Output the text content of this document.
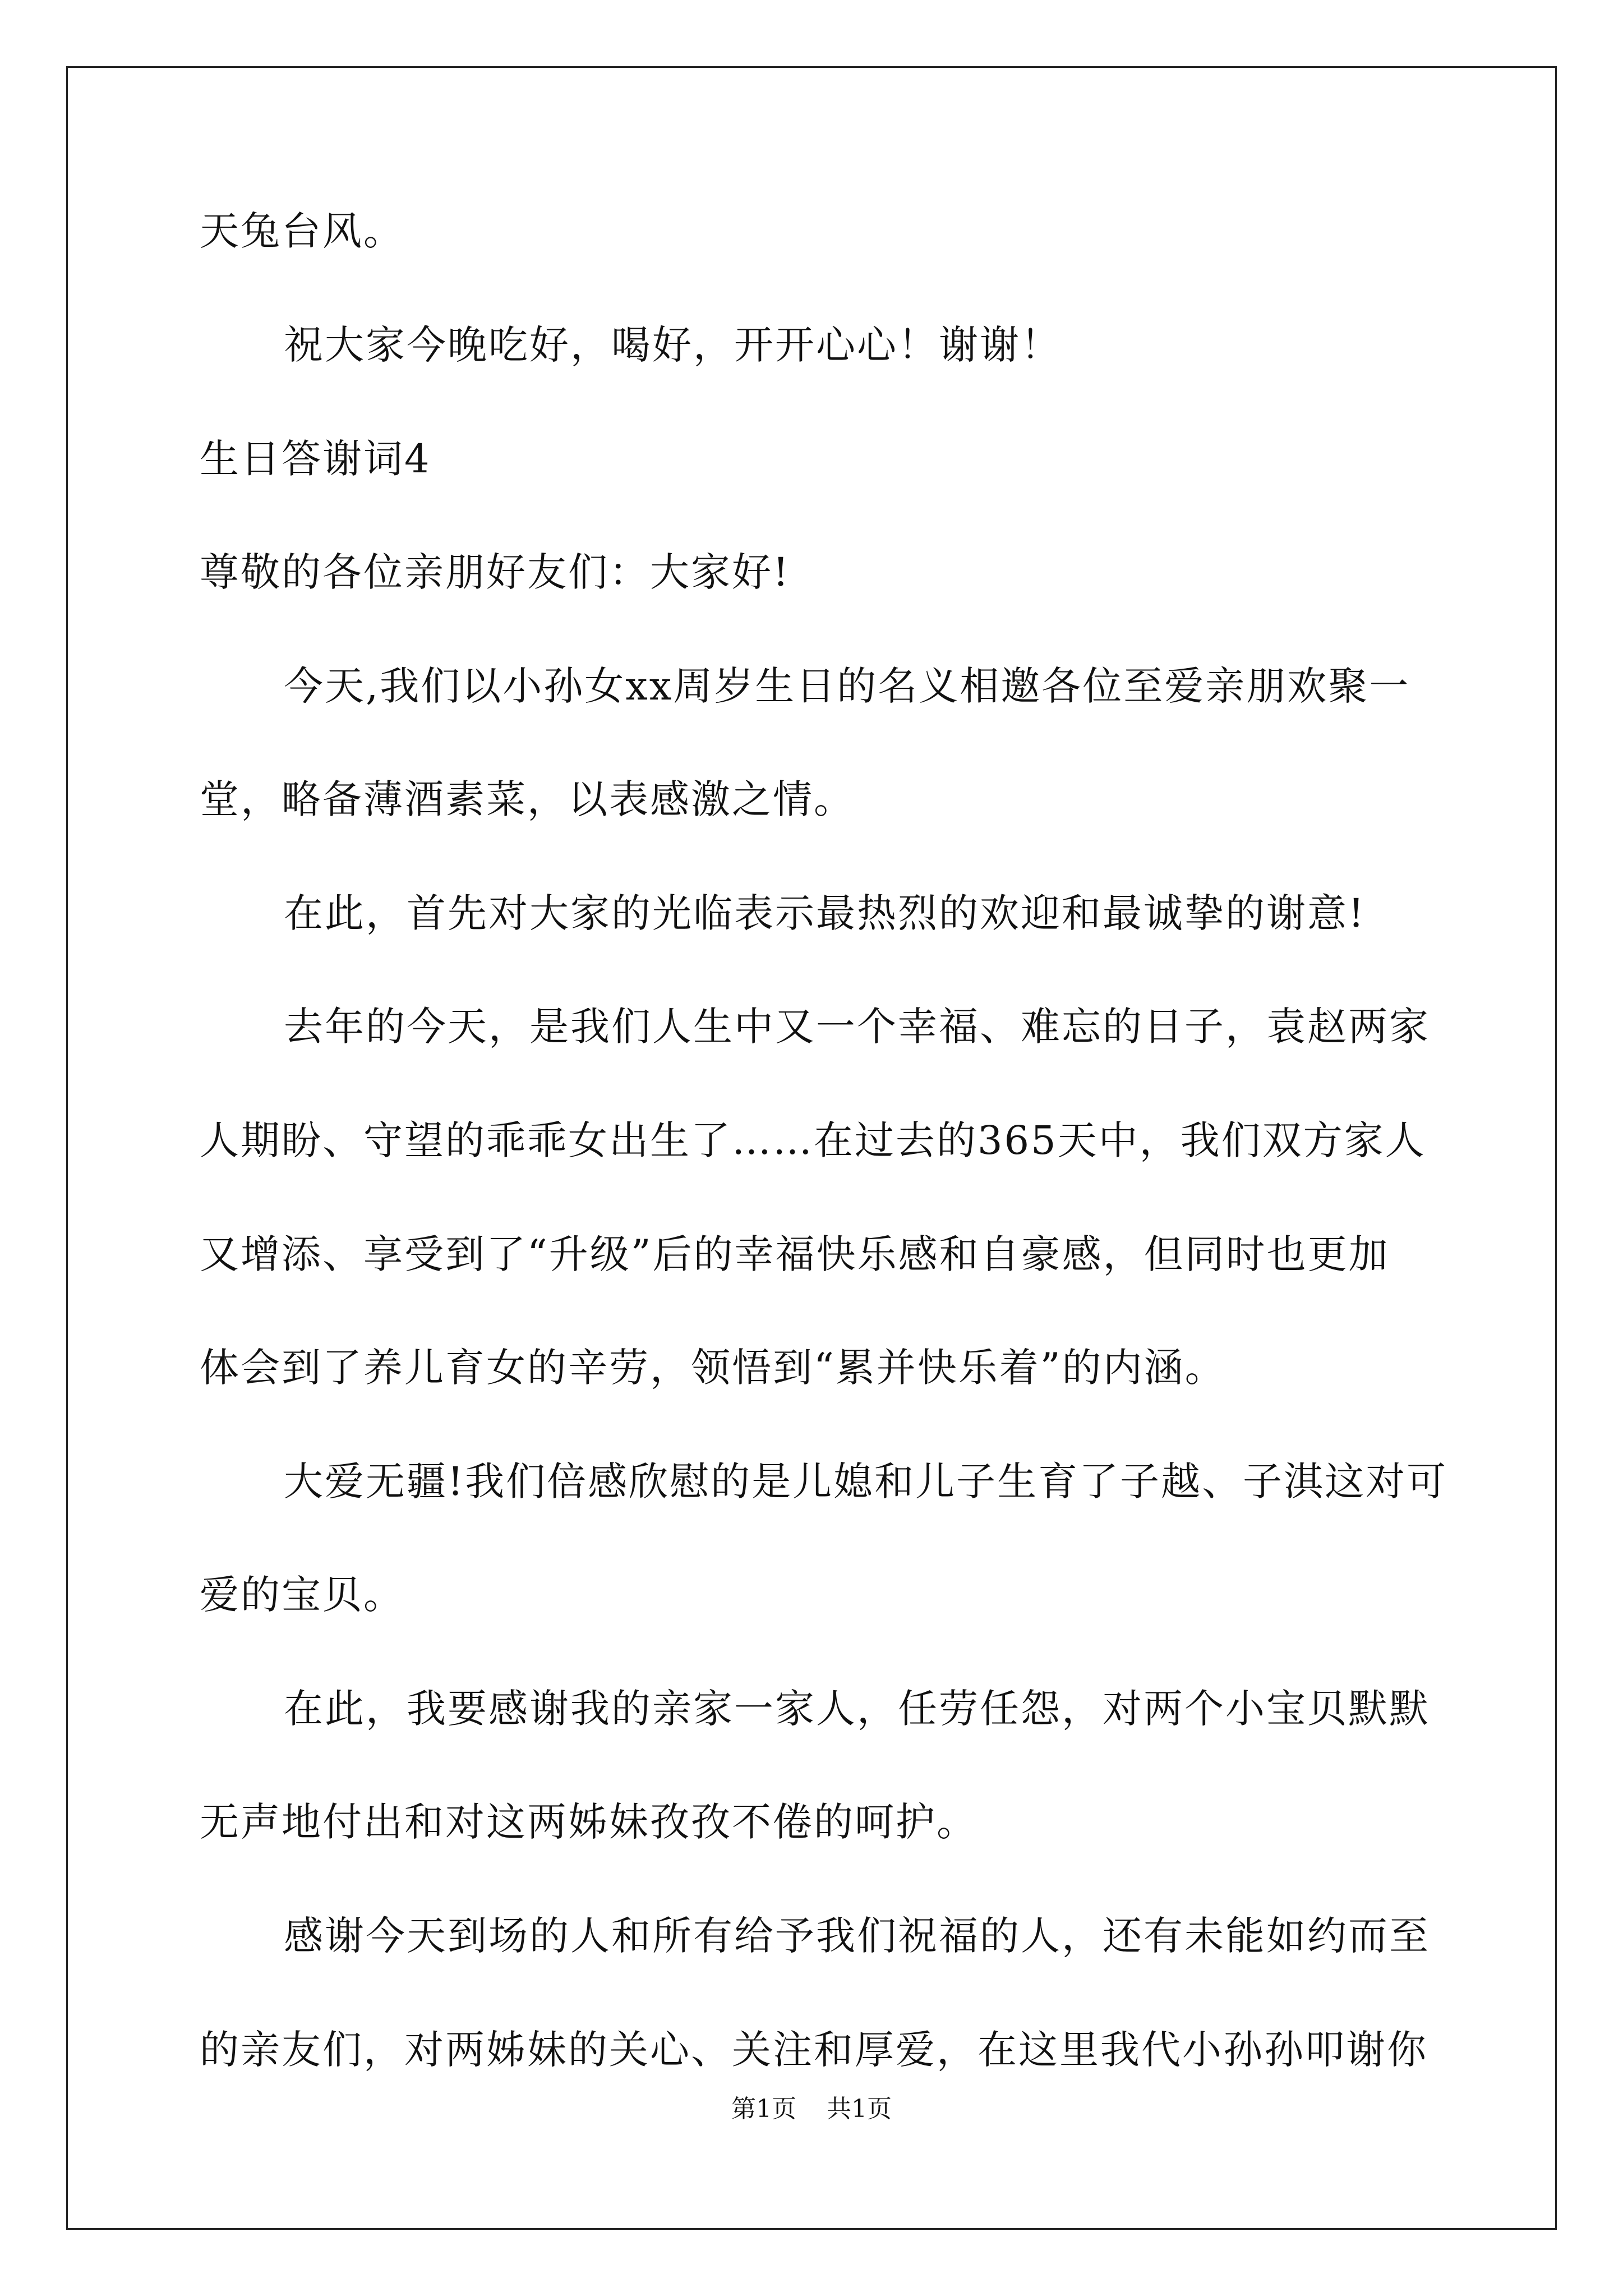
天兔台风。
祝大家今晚吃好，喝好，开开心心！谢谢！
生日答谢词4
尊敬的各位亲朋好友们：大家好!
今天,我们以小孙女xx周岁生日的名义相邀各位至爱亲朋欢聚一
堂，略备薄酒素菜，以表感激之情。
在此，首先对大家的光临表示最热烈的欢迎和最诚挚的谢意!
去年的今天，是我们人生中又一个幸福、难忘的日子，袁赵两家
人期盼、守望的乖乖女出生了……在过去的365天中，我们双方家人
又增添、享受到了“升级”后的幸福快乐感和自豪感，但同时也更加
体会到了养儿育女的辛劳，领悟到“累并快乐着”的内涵。
大爱无疆!我们倍感欣慰的是儿媳和儿子生育了子越、子淇这对可
爱的宝贝。
在此，我要感谢我的亲家一家人，任劳任怨，对两个小宝贝默默
无声地付出和对这两姊妹孜孜不倦的呵护。
感谢今天到场的人和所有给予我们祝福的人，还有未能如约而至
的亲友们，对两姊妹的关心、关注和厚爱，在这里我代小孙孙叩谢你
第1页 共1页
